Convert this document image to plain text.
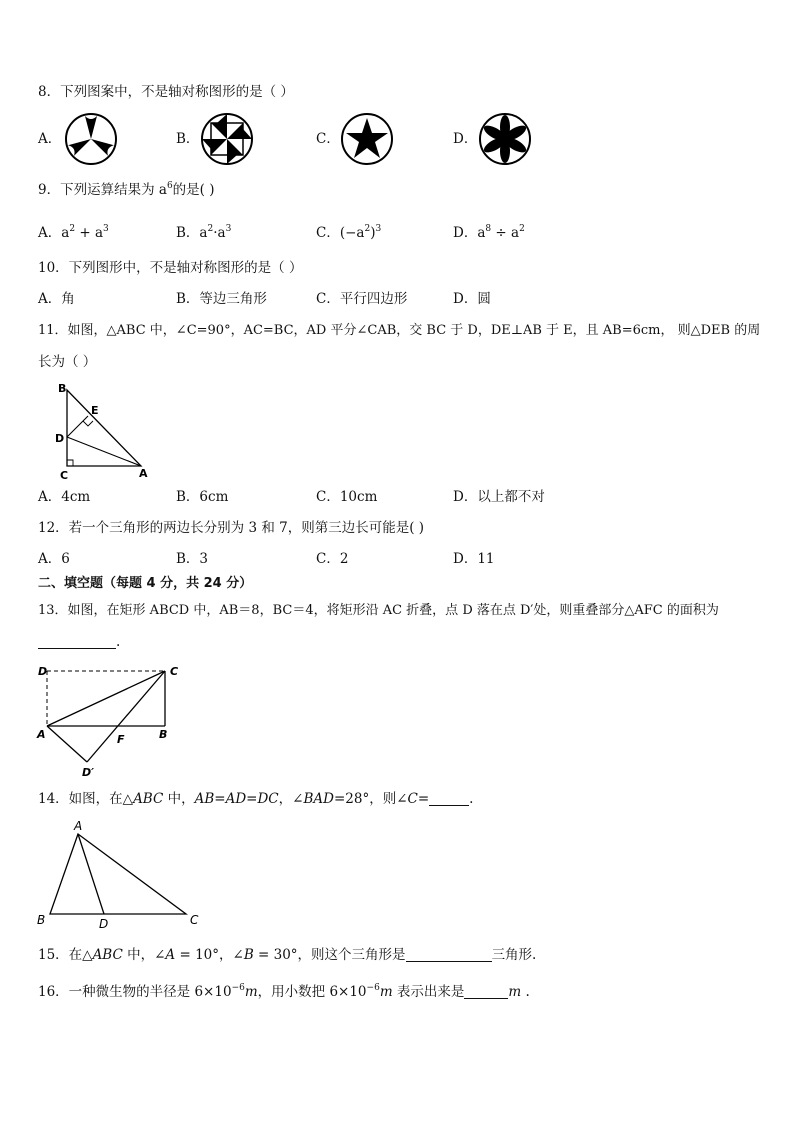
8．下列图案中，不是轴对称图形的是（ ）
A．	B．	C．	D．
9．下列运算结果为 $a^6$的是( )
A．$a^2 + a^3$	B．$a^2\cdot a^3$	C．$(-a^2)^3$	D．$a^8 \div a^2$
10．下列图形中，不是轴对称图形的是（ ）
A．角	B．等边三角形	C．平行四边形	D．圆
11．如图，△ABC 中，∠C=90°，AC=BC，AD 平分∠CAB，交 BC 于 D，DE⊥AB 于 E，且 AB=6cm， 则△DEB 的周
长为（ ）
B
E
D
C	A
A．4cm	B．6cm	C．10cm	D．以上都不对
12．若一个三角形的两边长分别为 3 和 7，则第三边长可能是( )
A．6	B．3	C．2	D．11
二、填空题（每题 4 分，共 24 分）
13．如图，在矩形 ABCD 中，AB＝8，BC＝4，将矩形沿 AC 折叠，点 D 落在点 D′处，则重叠部分△AFC 的面积为
.
D	C
A	F	B
D′
14．如图，在△ABC 中，AB=AD=DC，∠BAD=28°，则∠C=	.
A
B	D	C
15．在△ABC 中，∠A = 10°，∠B = 30°，则这个三角形是	三角形.
16．一种微生物的半径是 $6\times 10^{-6}m$，用小数把 $6\times 10^{-6}m$ 表示出来是	m .
